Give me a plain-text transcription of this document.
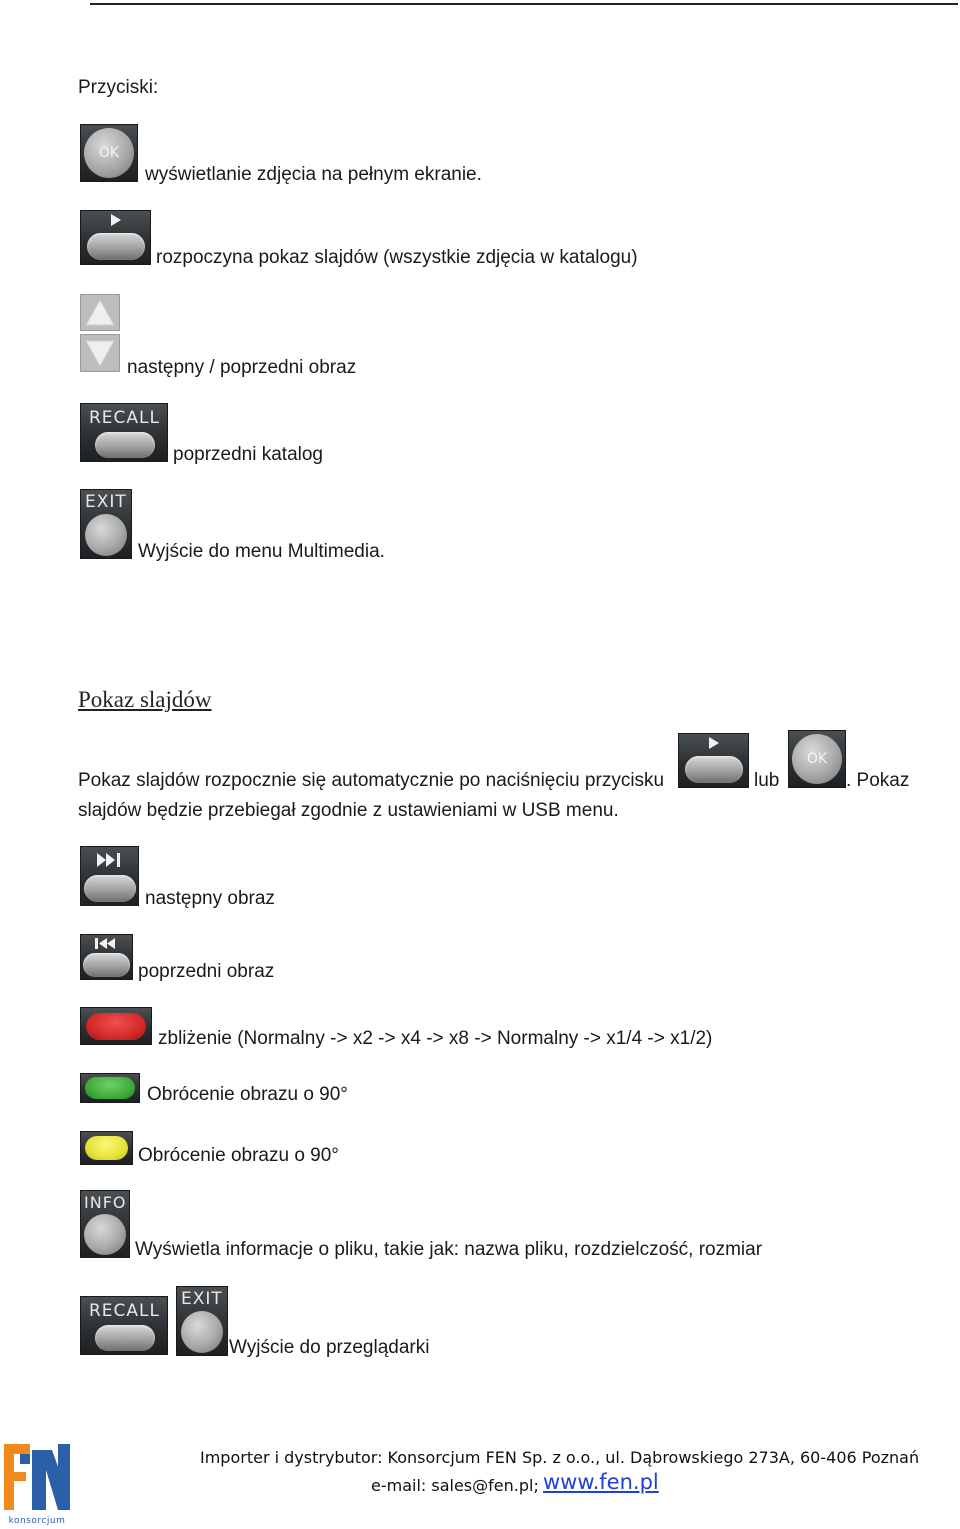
Przyciski:
OK
wyświetlanie zdjęcia na pełnym ekranie.
rozpoczyna pokaz slajdów (wszystkie zdjęcia w katalogu)
następny / poprzedni obraz
RECALL
poprzedni katalog
EXIT
Wyjście do menu Multimedia.
Pokaz slajdów
Pokaz slajdów rozpocznie się automatycznie po naciśnięciu przycisku	lub
OK
. Pokaz
slajdów będzie przebiegał zgodnie z ustawieniami w USB menu.
następny obraz
poprzedni obraz
zbliżenie (Normalny -> x2 -> x4 -> x8 -> Normalny -> x1/4 -> x1/2)
Obrócenie obrazu o 90°
Obrócenie obrazu o 90°
INFO
Wyświetla informacje o pliku, takie jak: nazwa pliku, rozdzielczość, rozmiar
RECALL
EXIT
Wyjście do przeglądarki
konsorcjum
Importer i dystrybutor: Konsorcjum FEN Sp. z o.o., ul. Dąbrowskiego 273A, 60-406 Poznań
e-mail: sales@fen.pl; www.fen.pl
